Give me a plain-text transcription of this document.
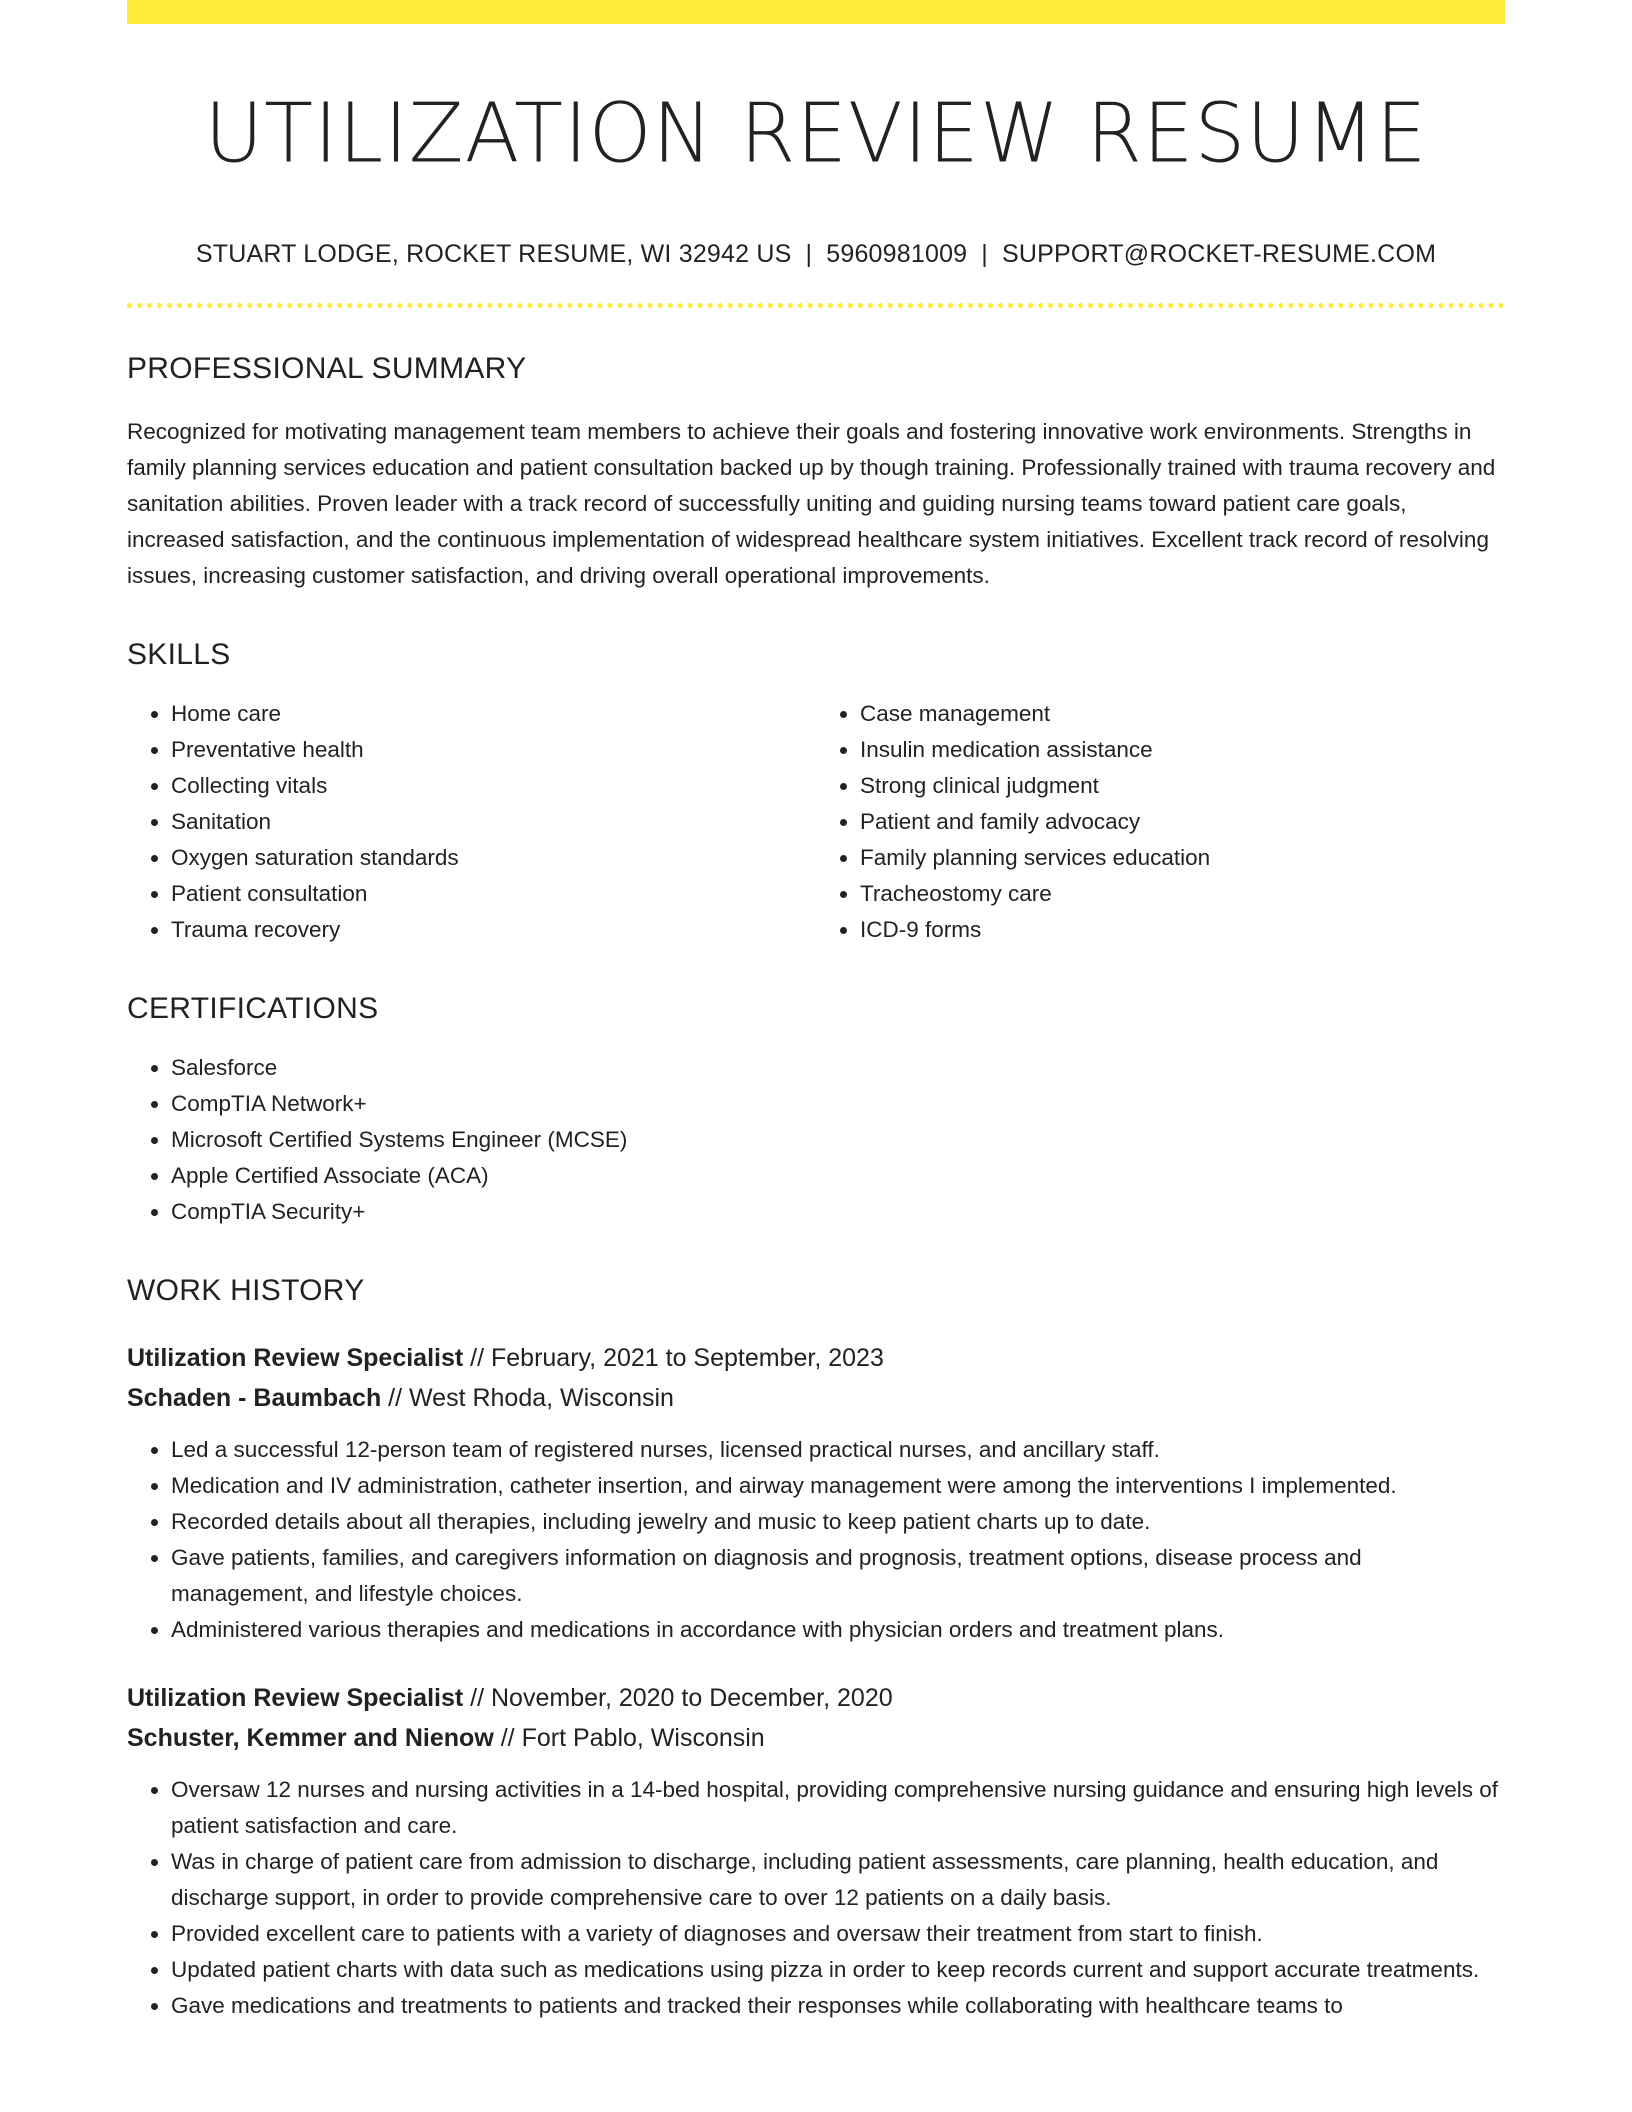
UTILIZATION REVIEW RESUME
STUART LODGE, ROCKET RESUME, WI 32942 US | 5960981009 | SUPPORT@ROCKET-RESUME.COM
PROFESSIONAL SUMMARY
Recognized for motivating management team members to achieve their goals and fostering innovative work environments. Strengths in family planning services education and patient consultation backed up by though training. Professionally trained with trauma recovery and sanitation abilities. Proven leader with a track record of successfully uniting and guiding nursing teams toward patient care goals, increased satisfaction, and the continuous implementation of widespread healthcare system initiatives. Excellent track record of resolving issues, increasing customer satisfaction, and driving overall operational improvements.
SKILLS
• Home care
• Preventative health
• Collecting vitals
• Sanitation
• Oxygen saturation standards
• Patient consultation
• Trauma recovery
• Case management
• Insulin medication assistance
• Strong clinical judgment
• Patient and family advocacy
• Family planning services education
• Tracheostomy care
• ICD-9 forms
CERTIFICATIONS
• Salesforce
• CompTIA Network+
• Microsoft Certified Systems Engineer (MCSE)
• Apple Certified Associate (ACA)
• CompTIA Security+
WORK HISTORY
Utilization Review Specialist // February, 2021 to September, 2023
Schaden - Baumbach // West Rhoda, Wisconsin
• Led a successful 12-person team of registered nurses, licensed practical nurses, and ancillary staff.
• Medication and IV administration, catheter insertion, and airway management were among the interventions I implemented.
• Recorded details about all therapies, including jewelry and music to keep patient charts up to date.
• Gave patients, families, and caregivers information on diagnosis and prognosis, treatment options, disease process and management, and lifestyle choices.
• Administered various therapies and medications in accordance with physician orders and treatment plans.
Utilization Review Specialist // November, 2020 to December, 2020
Schuster, Kemmer and Nienow // Fort Pablo, Wisconsin
• Oversaw 12 nurses and nursing activities in a 14-bed hospital, providing comprehensive nursing guidance and ensuring high levels of patient satisfaction and care.
• Was in charge of patient care from admission to discharge, including patient assessments, care planning, health education, and discharge support, in order to provide comprehensive care to over 12 patients on a daily basis.
• Provided excellent care to patients with a variety of diagnoses and oversaw their treatment from start to finish.
• Updated patient charts with data such as medications using pizza in order to keep records current and support accurate treatments.
• Gave medications and treatments to patients and tracked their responses while collaborating with healthcare teams to
